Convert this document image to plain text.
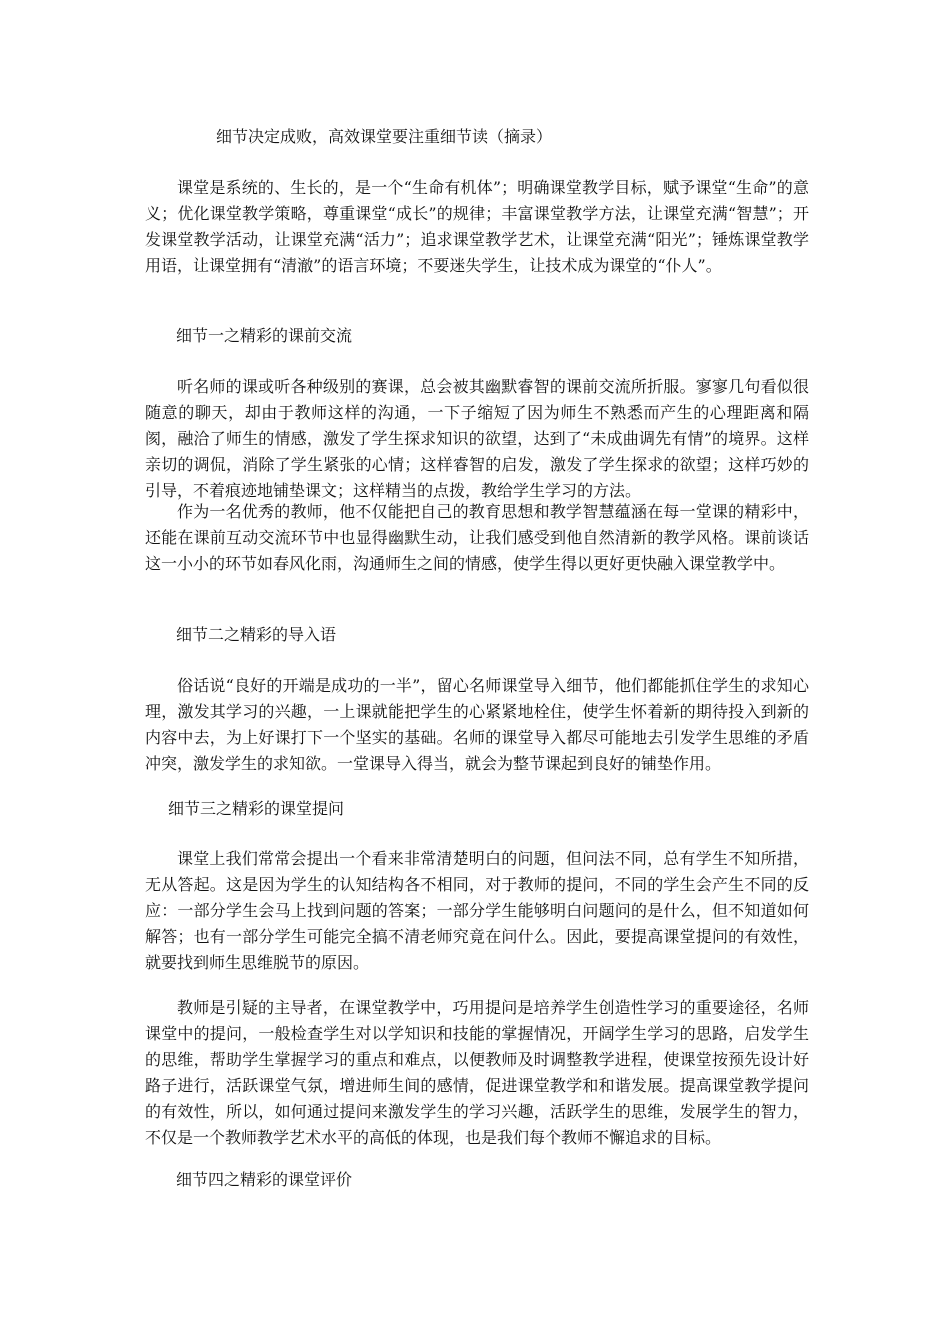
细节决定成败，高效课堂要注重细节读（摘录）

课堂是系统的、生长的，是一个“生命有机体”；明确课堂教学目标，赋予课堂“生命”的意义；优化课堂教学策略，尊重课堂“成长”的规律；丰富课堂教学方法，让课堂充满“智慧”；开发课堂教学活动，让课堂充满“活力”；追求课堂教学艺术，让课堂充满“阳光”；锤炼课堂教学用语，让课堂拥有“清澈”的语言环境；不要迷失学生，让技术成为课堂的“仆人”。

细节一之精彩的课前交流

听名师的课或听各种级别的赛课，总会被其幽默睿智的课前交流所折服。寥寥几句看似很随意的聊天，却由于教师这样的沟通，一下子缩短了因为师生不熟悉而产生的心理距离和隔阂，融洽了师生的情感，激发了学生探求知识的欲望，达到了“未成曲调先有情”的境界。这样亲切的调侃，消除了学生紧张的心情；这样睿智的启发，激发了学生探求的欲望；这样巧妙的引导，不着痕迹地铺垫课文；这样精当的点拨，教给学生学习的方法。

作为一名优秀的教师，他不仅能把自己的教育思想和教学智慧蕴涵在每一堂课的精彩中，还能在课前互动交流环节中也显得幽默生动，让我们感受到他自然清新的教学风格。课前谈话这一小小的环节如春风化雨，沟通师生之间的情感，使学生得以更好更快融入课堂教学中。

细节二之精彩的导入语

俗话说“良好的开端是成功的一半”，留心名师课堂导入细节，他们都能抓住学生的求知心理，激发其学习的兴趣，一上课就能把学生的心紧紧地栓住，使学生怀着新的期待投入到新的内容中去，为上好课打下一个坚实的基础。名师的课堂导入都尽可能地去引发学生思维的矛盾冲突，激发学生的求知欲。一堂课导入得当，就会为整节课起到良好的铺垫作用。

细节三之精彩的课堂提问

课堂上我们常常会提出一个看来非常清楚明白的问题，但问法不同，总有学生不知所措，无从答起。这是因为学生的认知结构各不相同，对于教师的提问，不同的学生会产生不同的反应：一部分学生会马上找到问题的答案；一部分学生能够明白问题问的是什么，但不知道如何解答；也有一部分学生可能完全搞不清老师究竟在问什么。因此，要提高课堂提问的有效性，就要找到师生思维脱节的原因。

教师是引疑的主导者，在课堂教学中，巧用提问是培养学生创造性学习的重要途径，名师课堂中的提问，一般检查学生对以学知识和技能的掌握情况，开阔学生学习的思路，启发学生的思维，帮助学生掌握学习的重点和难点，以便教师及时调整教学进程，使课堂按预先设计好路子进行，活跃课堂气氛，增进师生间的感情，促进课堂教学和和谐发展。提高课堂教学提问的有效性，所以，如何通过提问来激发学生的学习兴趣，活跃学生的思维，发展学生的智力，不仅是一个教师教学艺术水平的高低的体现，也是我们每个教师不懈追求的目标。

细节四之精彩的课堂评价
